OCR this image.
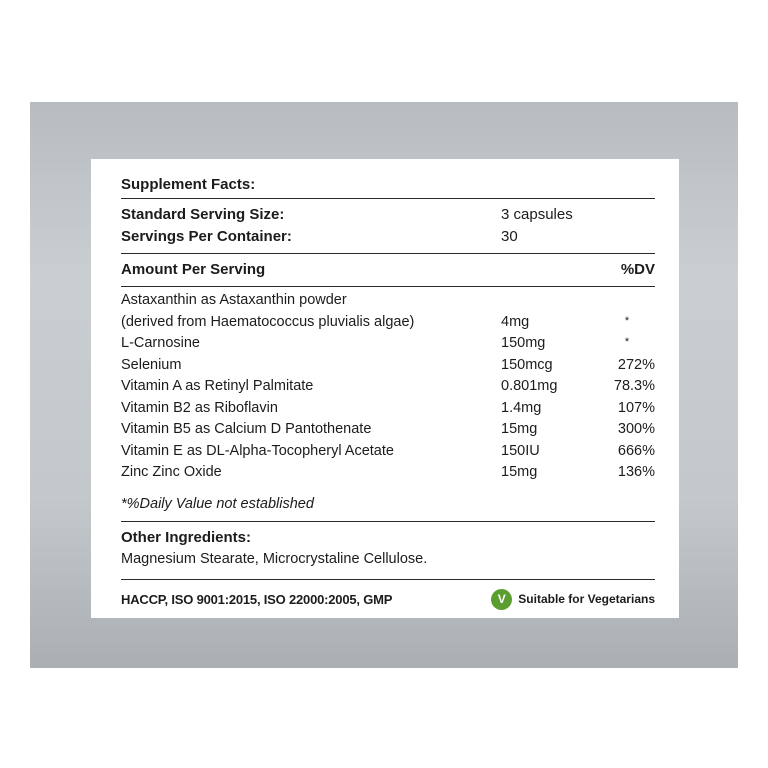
Supplement Facts:
Standard Serving Size:	3 capsules
Servings Per Container:	30
Amount Per Serving	%DV
Astaxanthin as Astaxanthin powder
(derived from Haematococcus pluvialis algae)	4mg	*
L-Carnosine	150mg	*
Selenium	150mcg	272%
Vitamin A as Retinyl Palmitate	0.801mg	78.3%
Vitamin B2 as Riboflavin	1.4mg	107%
Vitamin B5 as Calcium D Pantothenate	15mg	300%
Vitamin E as DL-Alpha-Tocopheryl Acetate	150IU	666%
Zinc Zinc Oxide	15mg	136%
*%Daily Value not established
Other Ingredients:
Magnesium Stearate, Microcrystaline Cellulose.
HACCP, ISO 9001:2015, ISO 22000:2005, GMP	V	Suitable for Vegetarians
